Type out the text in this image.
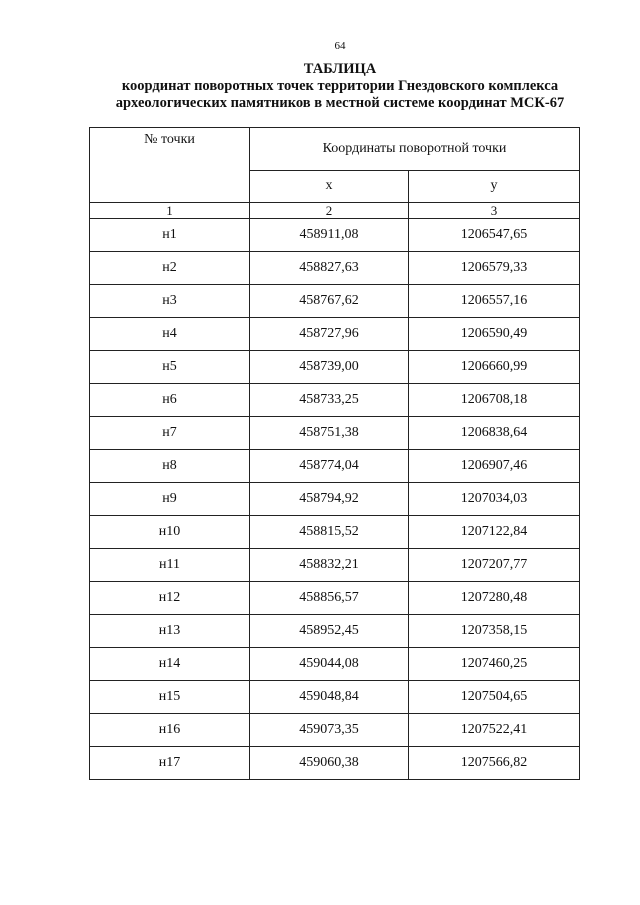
64
ТАБЛИЦА
координат поворотных точек территории Гнездовского комплекса
археологических памятников в местной системе координат МСК-67
№ точки	Координаты поворотной точки	
	x	y
1	2	3
н1	458911,08	1206547,65
н2	458827,63	1206579,33
н3	458767,62	1206557,16
н4	458727,96	1206590,49
н5	458739,00	1206660,99
н6	458733,25	1206708,18
н7	458751,38	1206838,64
н8	458774,04	1206907,46
н9	458794,92	1207034,03
н10	458815,52	1207122,84
н11	458832,21	1207207,77
н12	458856,57	1207280,48
н13	458952,45	1207358,15
н14	459044,08	1207460,25
н15	459048,84	1207504,65
н16	459073,35	1207522,41
н17	459060,38	1207566,82
